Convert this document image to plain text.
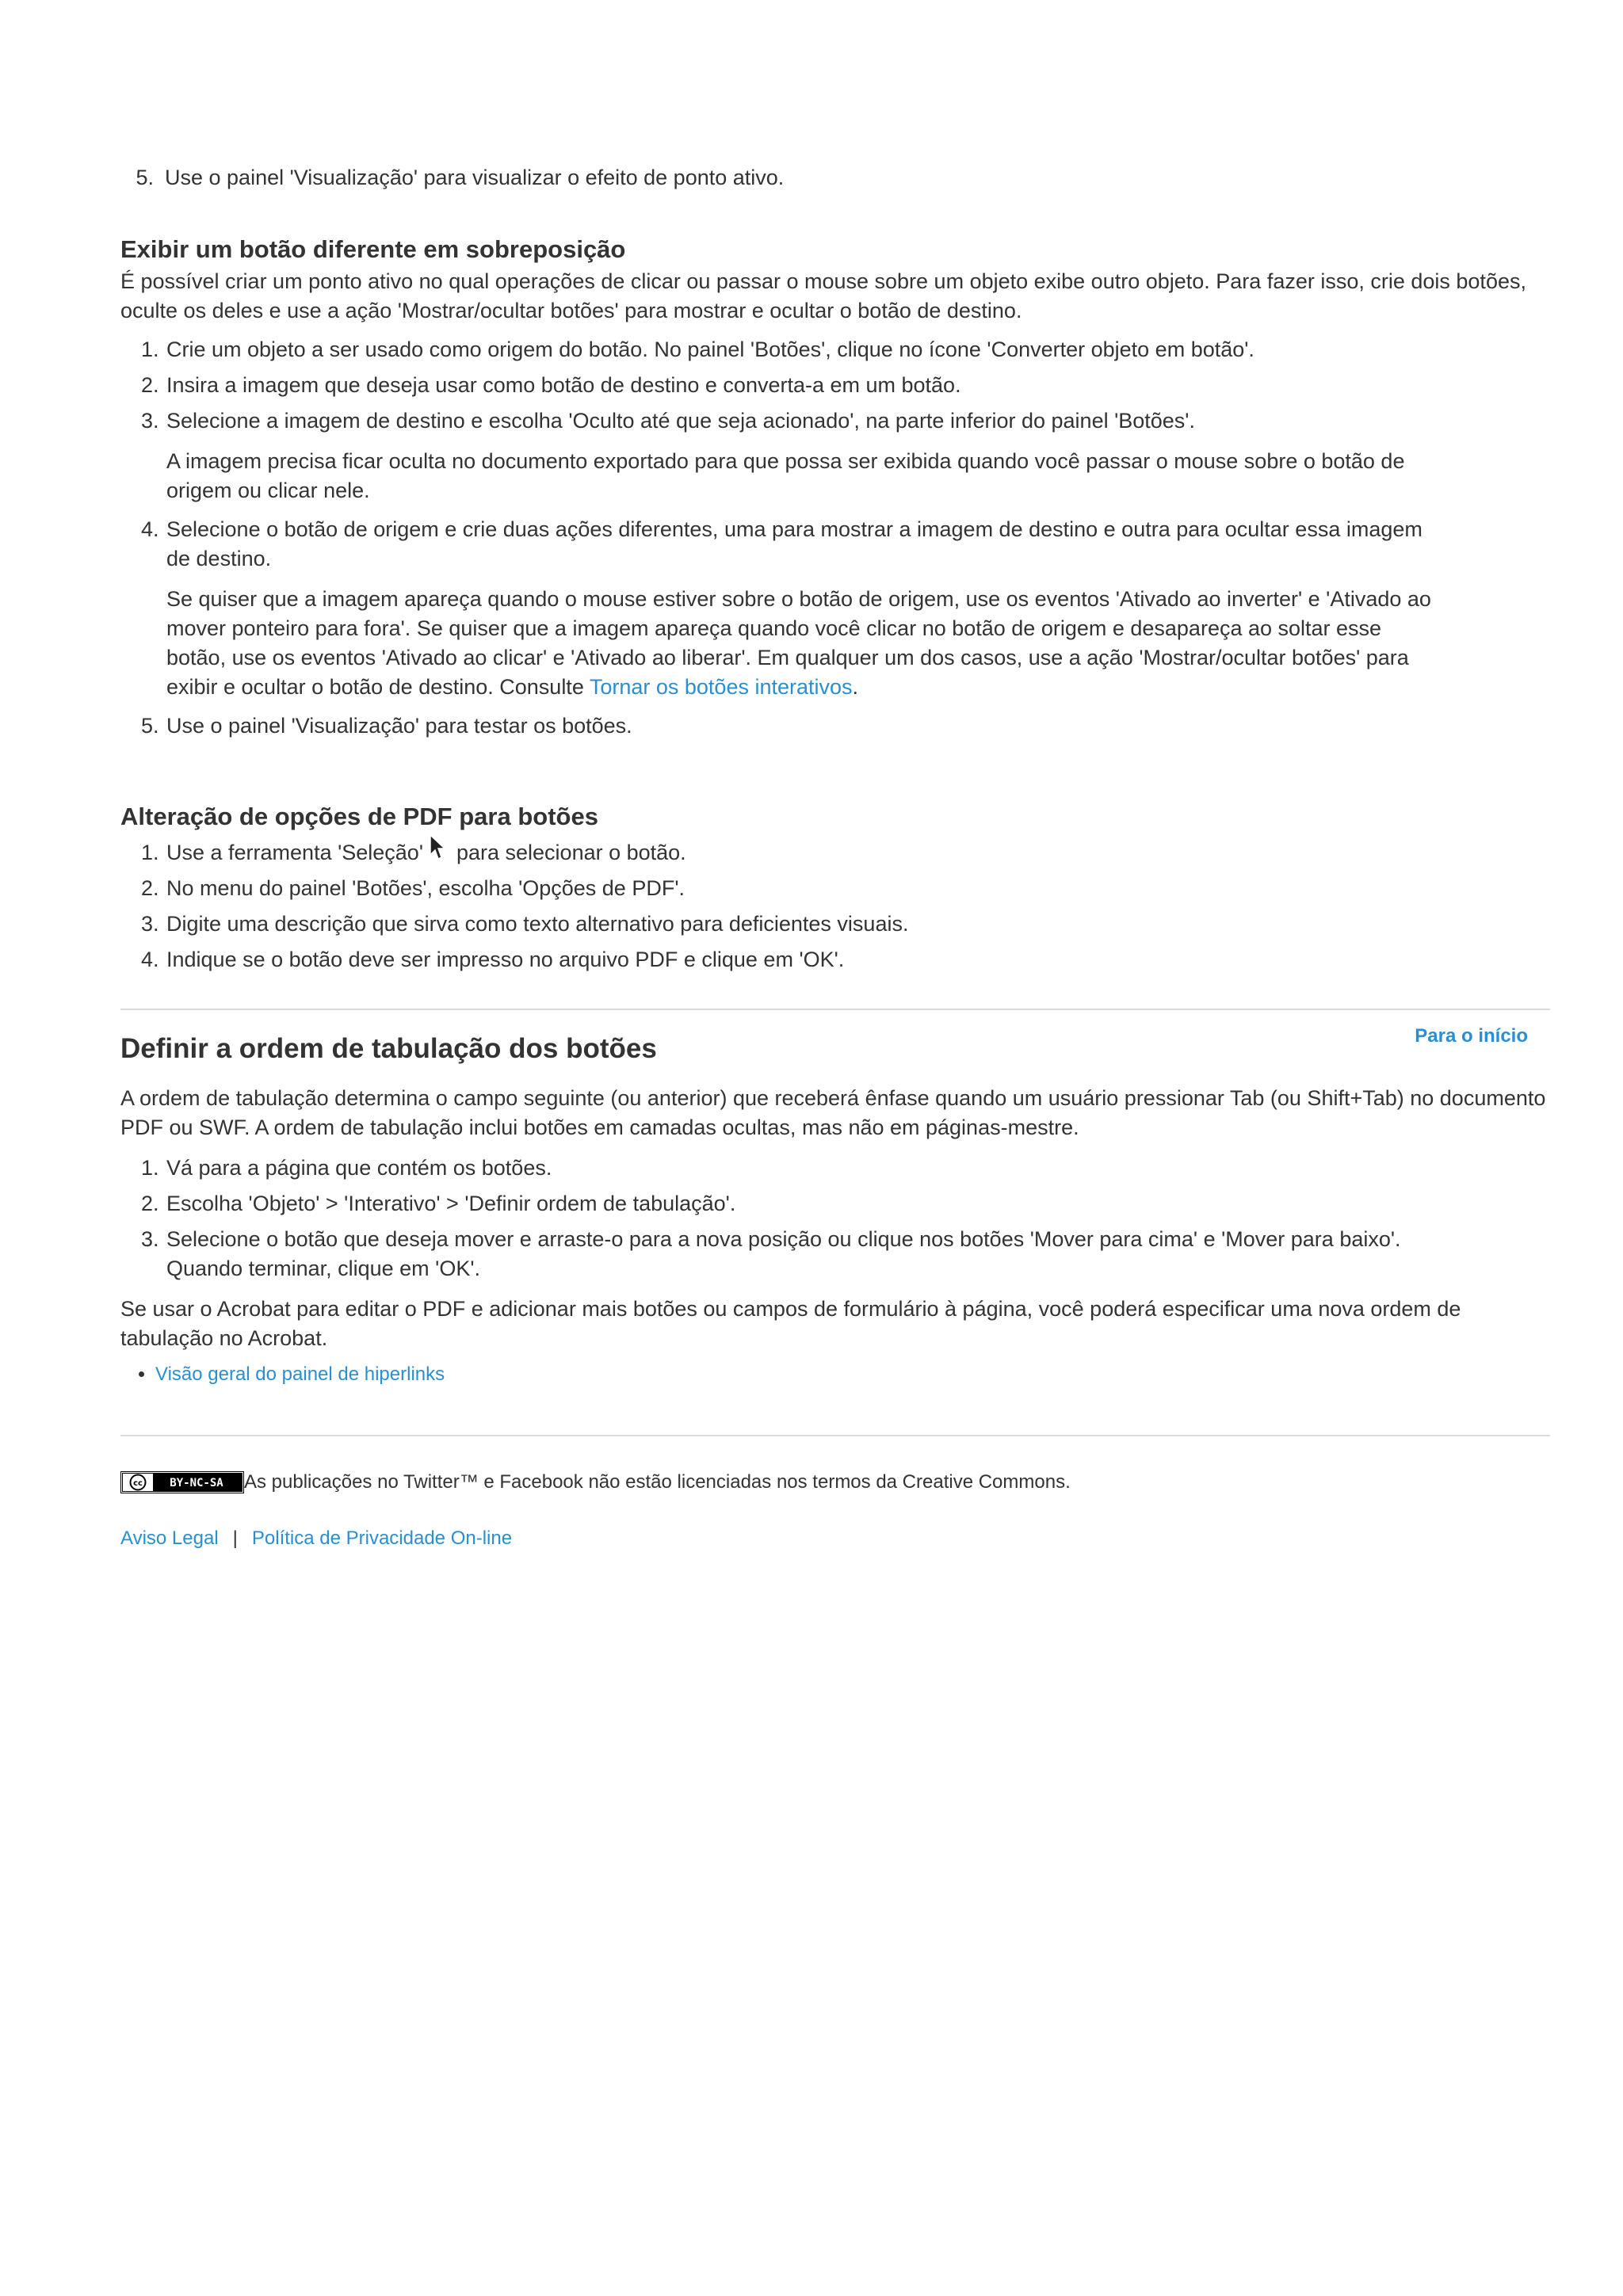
5. Use o painel 'Visualização' para visualizar o efeito de ponto ativo.
Exibir um botão diferente em sobreposição

É possível criar um ponto ativo no qual operações de clicar ou passar o mouse sobre um objeto exibe outro objeto. Para fazer isso, crie dois botões, oculte os deles e use a ação 'Mostrar/ocultar botões' para mostrar e ocultar o botão de destino.

1. Crie um objeto a ser usado como origem do botão. No painel 'Botões', clique no ícone 'Converter objeto em botão'.
2. Insira a imagem que deseja usar como botão de destino e converta-a em um botão.
3. Selecione a imagem de destino e escolha 'Oculto até que seja acionado', na parte inferior do painel 'Botões'.
A imagem precisa ficar oculta no documento exportado para que possa ser exibida quando você passar o mouse sobre o botão de origem ou clicar nele.
4. Selecione o botão de origem e crie duas ações diferentes, uma para mostrar a imagem de destino e outra para ocultar essa imagem de destino.
Se quiser que a imagem apareça quando o mouse estiver sobre o botão de origem, use os eventos 'Ativado ao inverter' e 'Ativado ao mover ponteiro para fora'. Se quiser que a imagem apareça quando você clicar no botão de origem e desapareça ao soltar esse botão, use os eventos 'Ativado ao clicar' e 'Ativado ao liberar'. Em qualquer um dos casos, use a ação 'Mostrar/ocultar botões' para exibir e ocultar o botão de destino. Consulte Tornar os botões interativos.
5. Use o painel 'Visualização' para testar os botões.
Alteração de opções de PDF para botões
1. Use a ferramenta 'Seleção' para selecionar o botão.
2. No menu do painel 'Botões', escolha 'Opções de PDF'.
3. Digite uma descrição que sirva como texto alternativo para deficientes visuais.
4. Indique se o botão deve ser impresso no arquivo PDF e clique em 'OK'.
Para o início
Definir a ordem de tabulação dos botões

A ordem de tabulação determina o campo seguinte (ou anterior) que receberá ênfase quando um usuário pressionar Tab (ou Shift+Tab) no documento PDF ou SWF. A ordem de tabulação inclui botões em camadas ocultas, mas não em páginas-mestre.

1. Vá para a página que contém os botões.
2. Escolha 'Objeto' > 'Interativo' > 'Definir ordem de tabulação'.
3. Selecione o botão que deseja mover e arraste-o para a nova posição ou clique nos botões 'Mover para cima' e 'Mover para baixo'. Quando terminar, clique em 'OK'.

Se usar o Acrobat para editar o PDF e adicionar mais botões ou campos de formulário à página, você poderá especificar uma nova ordem de tabulação no Acrobat.

• Visão geral do painel de hiperlinks
cc BY-NC-SA As publicações no Twitter™ e Facebook não estão licenciadas nos termos da Creative Commons.
Aviso Legal | Política de Privacidade On-line
